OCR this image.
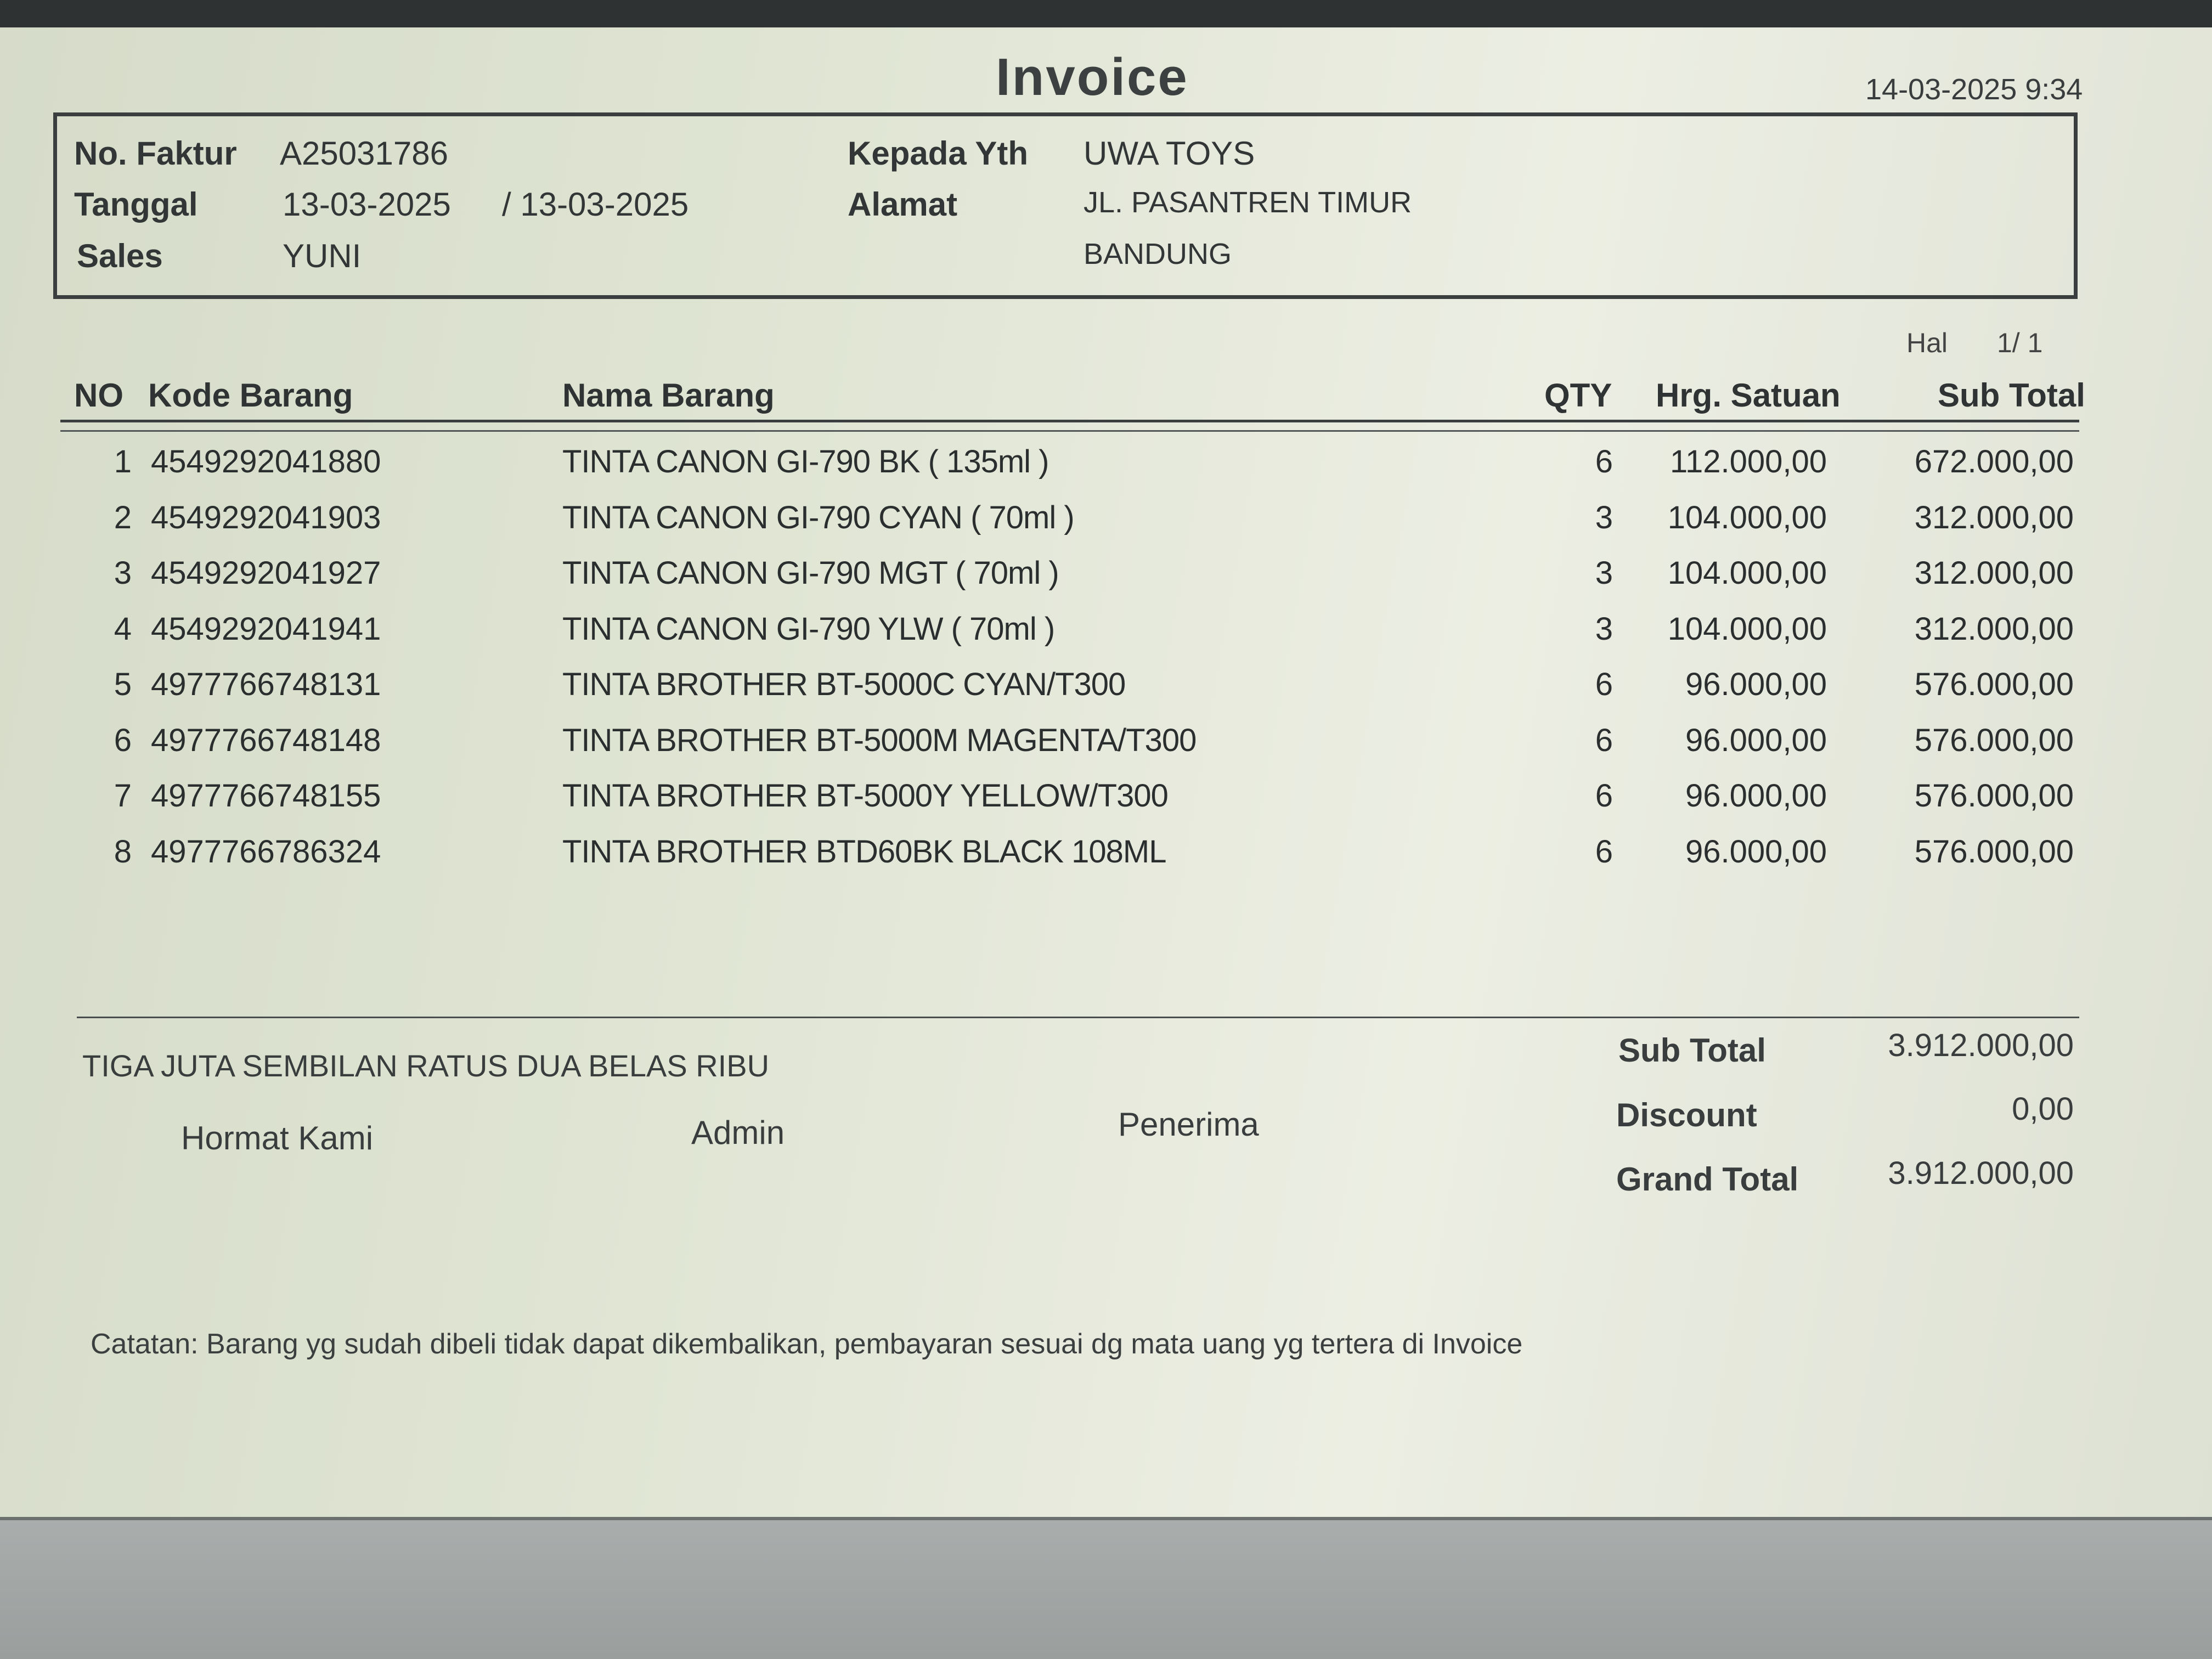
Invoice	14-03-2025 9:34
No. Faktur A25031786
Tanggal	13-03-2025 / 13-03-2025
Sales	YUNI
Kepada Yth UWA TOYS
Alamat	JL. PASANTREN TIMUR
BANDUNG
Hal 1/ 1
NO Kode Barang	Nama Barang	QTY Hrg. Satuan	Sub Total
1 4549292041880	TINTA CANON GI-790 BK ( 135ml )	6	112.000,00	672.000,00
2 4549292041903	TINTA CANON GI-790 CYAN ( 70ml )	3	104.000,00	312.000,00
3 4549292041927	TINTA CANON GI-790 MGT ( 70ml )	3	104.000,00	312.000,00
4 4549292041941	TINTA CANON GI-790 YLW ( 70ml )	3	104.000,00	312.000,00
5 4977766748131	TINTA BROTHER BT-5000C CYAN/T300	6	96.000,00	576.000,00
6 4977766748148	TINTA BROTHER BT-5000M MAGENTA/T300	6	96.000,00	576.000,00
7 4977766748155	TINTA BROTHER BT-5000Y YELLOW/T300	6	96.000,00	576.000,00
8 4977766786324	TINTA BROTHER BTD60BK BLACK 108ML	6	96.000,00	576.000,00
TIGA JUTA SEMBILAN RATUS DUA BELAS RIBU
Hormat Kami	Admin	Penerima
Sub Total	3.912.000,00
Discount	0,00
Grand Total	3.912.000,00
Catatan: Barang yg sudah dibeli tidak dapat dikembalikan, pembayaran sesuai dg mata uang yg tertera di Invoice
